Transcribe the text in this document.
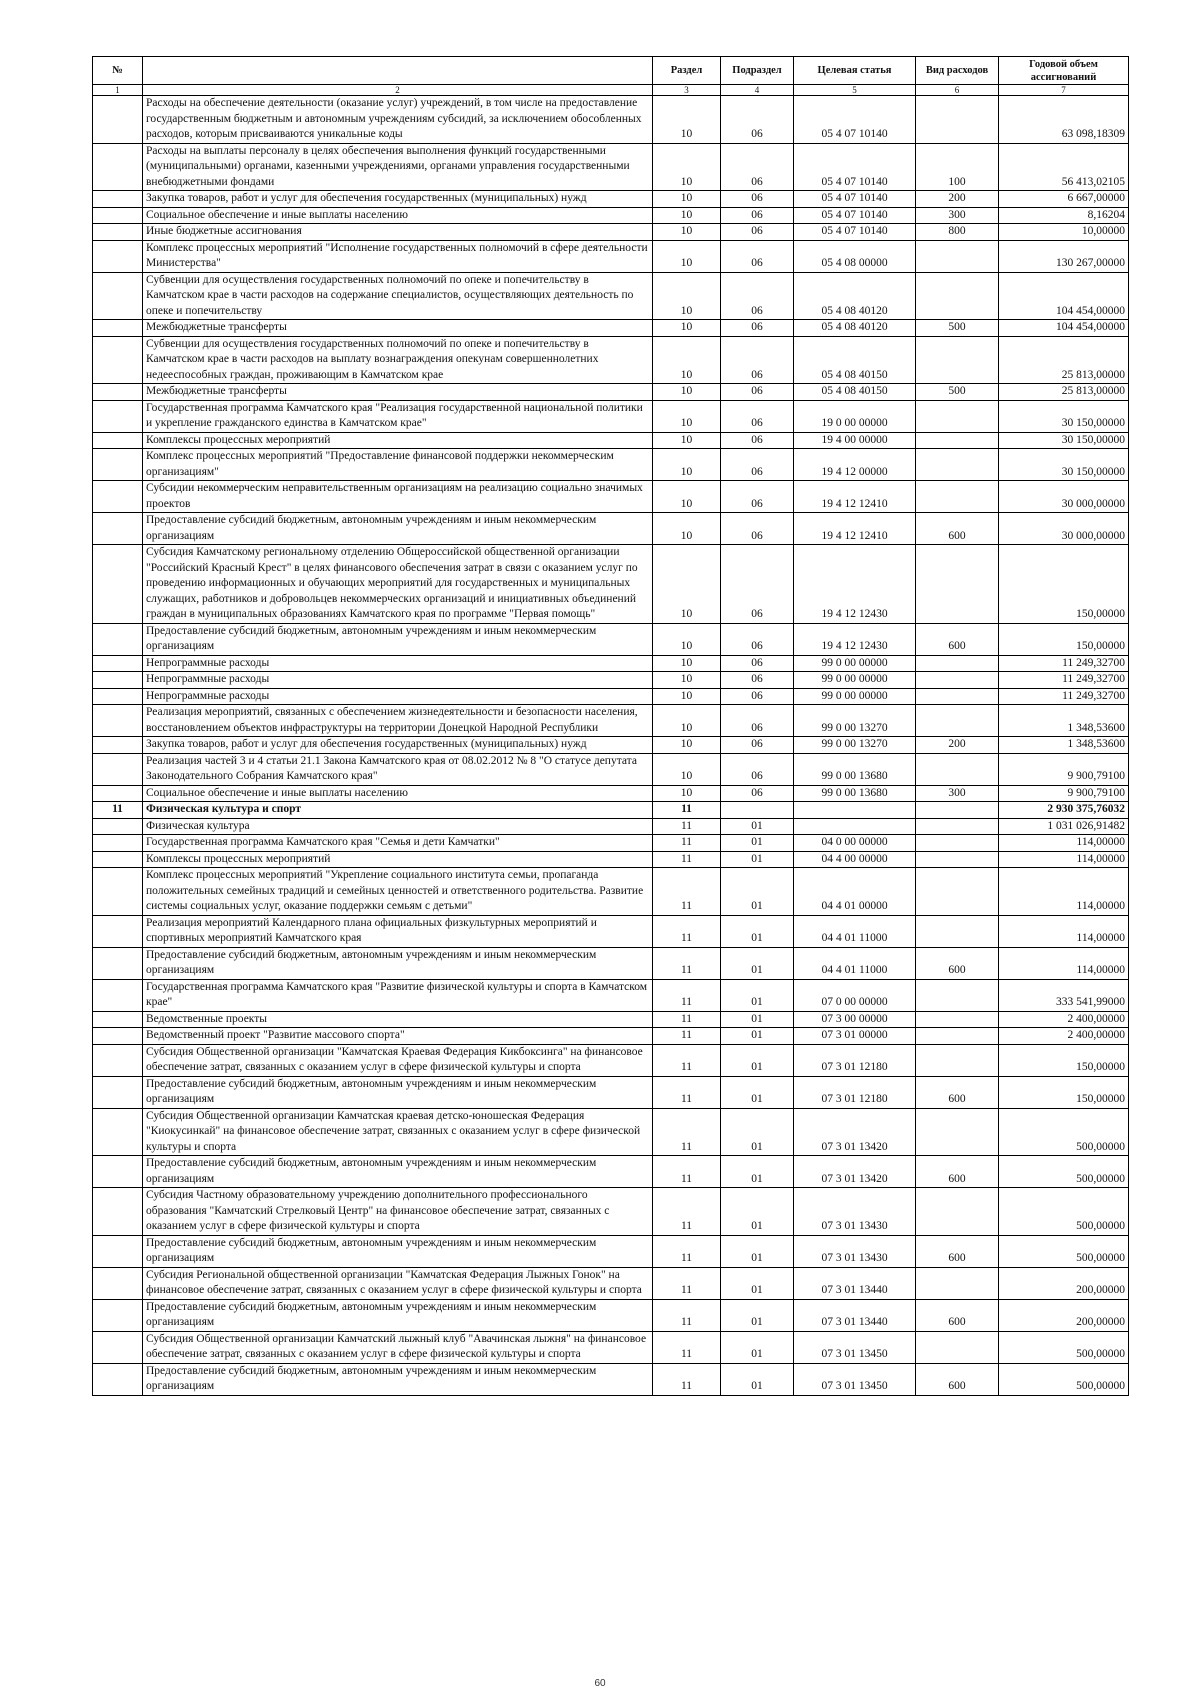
№		Раздел	Подраздел	Целевая статья	Вид расходов	Годовой объем ассигнований
1	2	3	4	5	6	7
	Расходы на обеспечение деятельности (оказание услуг) учреждений, в том числе на предоставление государственным бюджетным и автономным учреждениям субсидий, за исключением обособленных расходов, которым присваиваются уникальные коды	10	06	05 4 07 10140		63 098,18309
	Расходы на выплаты персоналу в целях обеспечения выполнения функций государственными (муниципальными) органами, казенными учреждениями, органами управления государственными внебюджетными фондами	10	06	05 4 07 10140	100	56 413,02105
	Закупка товаров, работ и услуг для обеспечения государственных (муниципальных) нужд	10	06	05 4 07 10140	200	6 667,00000
	Социальное обеспечение и иные выплаты населению	10	06	05 4 07 10140	300	8,16204
	Иные бюджетные ассигнования	10	06	05 4 07 10140	800	10,00000
	Комплекс процессных мероприятий "Исполнение государственных полномочий в сфере деятельности Министерства"	10	06	05 4 08 00000		130 267,00000
	Субвенции для осуществления государственных полномочий по опеке и попечительству в Камчатском крае в части расходов на содержание специалистов, осуществляющих деятельность по опеке и попечительству	10	06	05 4 08 40120		104 454,00000
	Межбюджетные трансферты	10	06	05 4 08 40120	500	104 454,00000
	Субвенции для осуществления государственных полномочий по опеке и попечительству в Камчатском крае в части расходов на выплату вознаграждения опекунам совершеннолетних недееспособных граждан, проживающим в Камчатском крае	10	06	05 4 08 40150		25 813,00000
	Межбюджетные трансферты	10	06	05 4 08 40150	500	25 813,00000
	Государственная программа Камчатского края "Реализация государственной национальной политики и укрепление гражданского единства в Камчатском крае"	10	06	19 0 00 00000		30 150,00000
	Комплексы процессных мероприятий	10	06	19 4 00 00000		30 150,00000
	Комплекс процессных мероприятий "Предоставление финансовой поддержки некоммерческим организациям"	10	06	19 4 12 00000		30 150,00000
	Субсидии некоммерческим неправительственным организациям на реализацию социально значимых проектов	10	06	19 4 12 12410		30 000,00000
	Предоставление субсидий бюджетным, автономным учреждениям и иным некоммерческим организациям	10	06	19 4 12 12410	600	30 000,00000
	Субсидия Камчатскому региональному отделению Общероссийской общественной организации "Российский Красный Крест" в целях финансового обеспечения затрат в связи с оказанием услуг по проведению информационных и обучающих мероприятий для государственных и муниципальных служащих, работников и добровольцев некоммерческих организаций и инициативных объединений граждан в муниципальных образованиях Камчатского края по программе "Первая помощь"	10	06	19 4 12 12430		150,00000
	Предоставление субсидий бюджетным, автономным учреждениям и иным некоммерческим организациям	10	06	19 4 12 12430	600	150,00000
	Непрограммные расходы	10	06	99 0 00 00000		11 249,32700
	Непрограммные расходы	10	06	99 0 00 00000		11 249,32700
	Непрограммные расходы	10	06	99 0 00 00000		11 249,32700
	Реализация мероприятий, связанных с обеспечением жизнедеятельности и безопасности населения, восстановлением объектов инфраструктуры на территории Донецкой Народной Республики	10	06	99 0 00 13270		1 348,53600
	Закупка товаров, работ и услуг для обеспечения государственных (муниципальных) нужд	10	06	99 0 00 13270	200	1 348,53600
	Реализация частей 3 и 4 статьи 21.1 Закона Камчатского края от 08.02.2012 № 8 "О статусе депутата Законодательного Собрания Камчатского края"	10	06	99 0 00 13680		9 900,79100
	Социальное обеспечение и иные выплаты населению	10	06	99 0 00 13680	300	9 900,79100
11	Физическая культура и спорт	11				2 930 375,76032
	Физическая культура	11	01			1 031 026,91482
	Государственная программа Камчатского края "Семья и дети Камчатки"	11	01	04 0 00 00000		114,00000
	Комплексы процессных мероприятий	11	01	04 4 00 00000		114,00000
	Комплекс процессных мероприятий "Укрепление социального института семьи, пропаганда положительных семейных традиций и семейных ценностей и ответственного родительства. Развитие системы социальных услуг, оказание поддержки семьям с детьми"	11	01	04 4 01 00000		114,00000
	Реализация мероприятий Календарного плана официальных физкультурных мероприятий и спортивных мероприятий Камчатского края	11	01	04 4 01 11000		114,00000
	Предоставление субсидий бюджетным, автономным учреждениям и иным некоммерческим организациям	11	01	04 4 01 11000	600	114,00000
	Государственная программа Камчатского края "Развитие физической культуры и спорта в Камчатском крае"	11	01	07 0 00 00000		333 541,99000
	Ведомственные проекты	11	01	07 3 00 00000		2 400,00000
	Ведомственный проект "Развитие массового спорта"	11	01	07 3 01 00000		2 400,00000
	Субсидия Общественной организации "Камчатская Краевая Федерация Кикбоксинга" на финансовое обеспечение затрат, связанных с оказанием услуг в сфере физической культуры и спорта	11	01	07 3 01 12180		150,00000
	Предоставление субсидий бюджетным, автономным учреждениям и иным некоммерческим организациям	11	01	07 3 01 12180	600	150,00000
	Субсидия Общественной организации Камчатская краевая детско-юношеская Федерация "Киокусинкай" на финансовое обеспечение затрат, связанных с оказанием услуг в сфере физической культуры и спорта	11	01	07 3 01 13420		500,00000
	Предоставление субсидий бюджетным, автономным учреждениям и иным некоммерческим организациям	11	01	07 3 01 13420	600	500,00000
	Субсидия Частному образовательному учреждению дополнительного профессионального образования "Камчатский Стрелковый Центр" на финансовое обеспечение затрат, связанных с оказанием услуг в сфере физической культуры и спорта	11	01	07 3 01 13430		500,00000
	Предоставление субсидий бюджетным, автономным учреждениям и иным некоммерческим организациям	11	01	07 3 01 13430	600	500,00000
	Субсидия Региональной общественной организации "Камчатская Федерация Лыжных Гонок" на финансовое обеспечение затрат, связанных с оказанием услуг в сфере физической культуры и спорта	11	01	07 3 01 13440		200,00000
	Предоставление субсидий бюджетным, автономным учреждениям и иным некоммерческим организациям	11	01	07 3 01 13440	600	200,00000
	Субсидия Общественной организации Камчатский лыжный клуб "Авачинская лыжня" на финансовое обеспечение затрат, связанных с оказанием услуг в сфере физической культуры и спорта	11	01	07 3 01 13450		500,00000
	Предоставление субсидий бюджетным, автономным учреждениям и иным некоммерческим организациям	11	01	07 3 01 13450	600	500,00000
60
